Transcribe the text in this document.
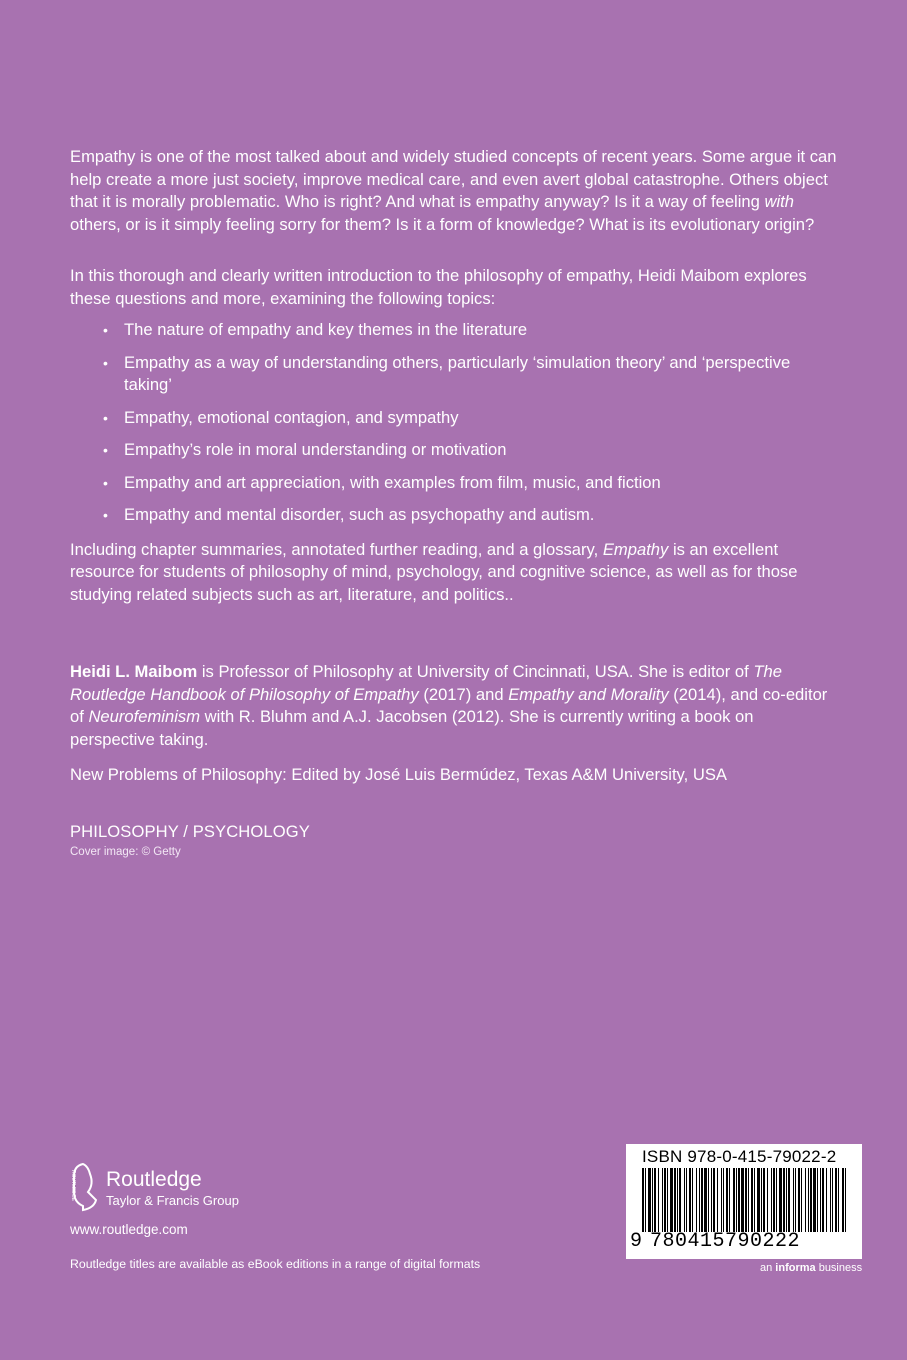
Empathy is one of the most talked about and widely studied concepts of recent years. Some argue it can help create a more just society, improve medical care, and even avert global catastrophe. Others object that it is morally problematic. Who is right? And what is empathy anyway? Is it a way of feeling with others, or is it simply feeling sorry for them? Is it a form of knowledge? What is its evolutionary origin?

In this thorough and clearly written introduction to the philosophy of empathy, Heidi Maibom explores these questions and more, examining the following topics:

• The nature of empathy and key themes in the literature
• Empathy as a way of understanding others, particularly ‘simulation theory’ and ‘perspective taking’
• Empathy, emotional contagion, and sympathy
• Empathy’s role in moral understanding or motivation
• Empathy and art appreciation, with examples from film, music, and fiction
• Empathy and mental disorder, such as psychopathy and autism.

Including chapter summaries, annotated further reading, and a glossary, Empathy is an excellent resource for students of philosophy of mind, psychology, and cognitive science, as well as for those studying related subjects such as art, literature, and politics..

Heidi L. Maibom is Professor of Philosophy at University of Cincinnati, USA. She is editor of The Routledge Handbook of Philosophy of Empathy (2017) and Empathy and Morality (2014), and co-editor of Neurofeminism with R. Bluhm and A.J. Jacobsen (2012). She is currently writing a book on perspective taking.

New Problems of Philosophy: Edited by José Luis Bermúdez, Texas A&M University, USA

PHILOSOPHY / PSYCHOLOGY
Cover image: © Getty
ROUTLEDGE Routledge
Taylor & Francis Group
www.routledge.com
Routledge titles are available as eBook editions in a range of digital formats
ISBN 978-0-415-79022-2
9 780415790222
an informa business
